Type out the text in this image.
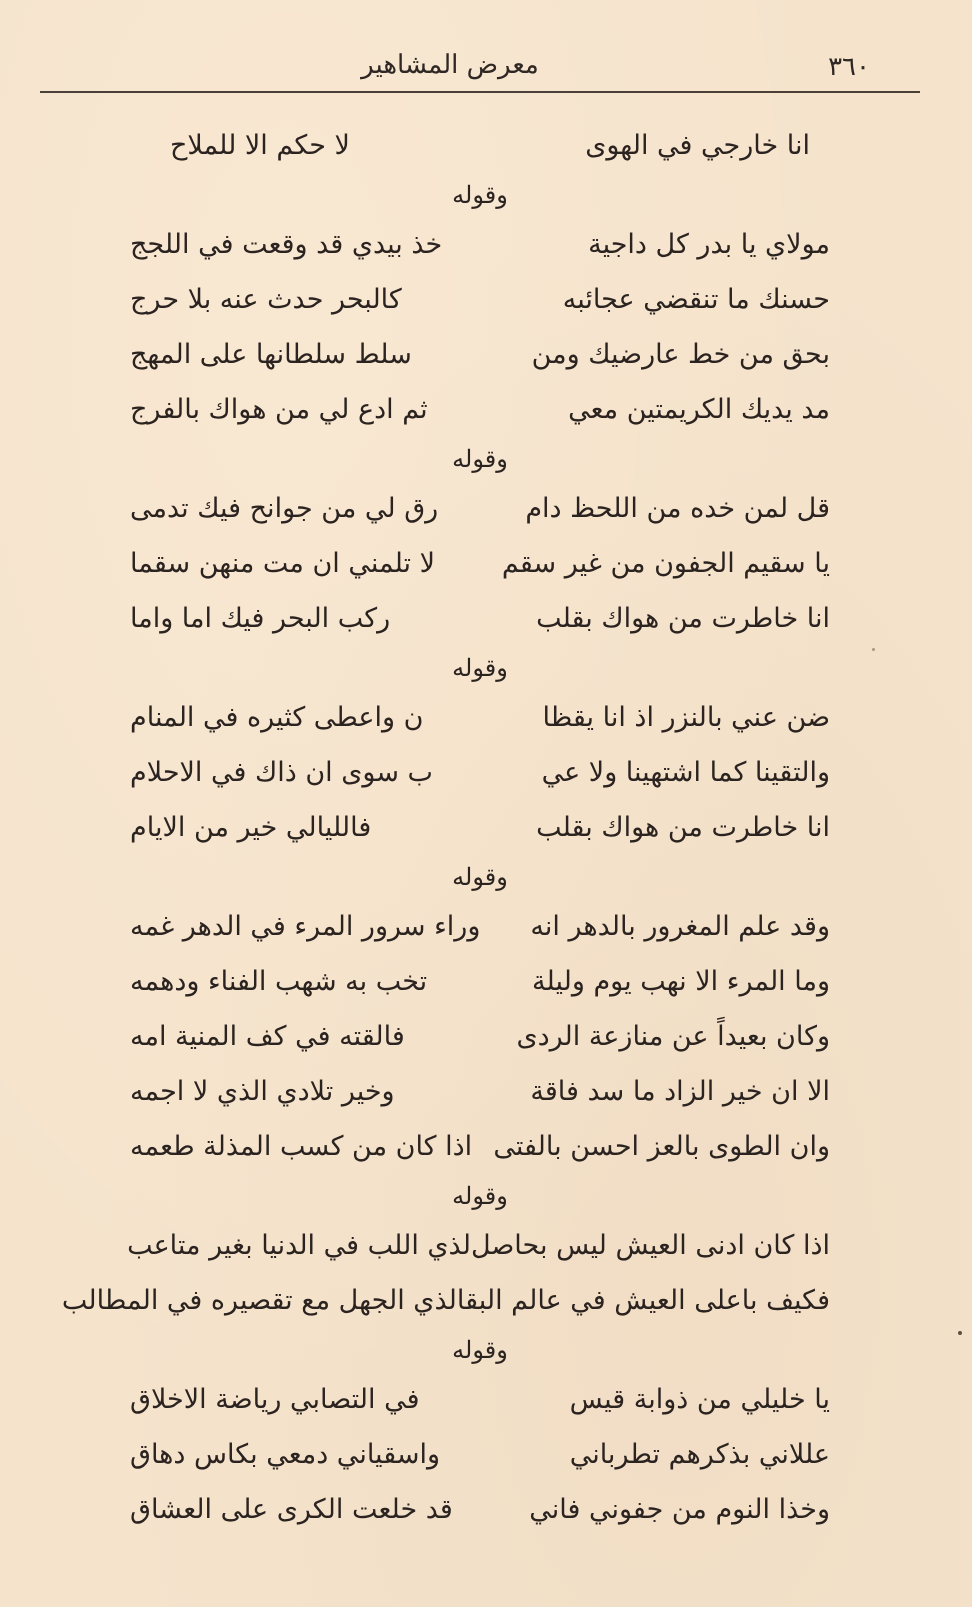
٣٦٠
معرض المشاهير
انا خارجي في الهوى
لا حكم الا للملاح
وقوله
مولاي يا بدر كل داجية
خذ بيدي قد وقعت في اللجج
حسنك ما تنقضي عجائبه
كالبحر حدث عنه بلا حرج
بحق من خط عارضيك ومن
سلط سلطانها على المهج
مد يديك الكريمتين معي
ثم ادع لي من هواك بالفرج
وقوله
قل لمن خده من اللحظ دام
رق لي من جوانح فيك تدمى
يا سقيم الجفون من غير سقم
لا تلمني ان مت منهن سقما
انا خاطرت من هواك بقلب
ركب البحر فيك اما واما
وقوله
ضن عني بالنزر اذ انا يقظا
ن واعطى كثيره في المنام
والتقينا كما اشتهينا ولا عي
ب سوى ان ذاك في الاحلام
انا خاطرت من هواك بقلب
فالليالي خير من الايام
وقوله
وقد علم المغرور بالدهر انه
وراء سرور المرء في الدهر غمه
وما المرء الا نهب يوم وليلة
تخب به شهب الفناء ودهمه
وكان بعيداً عن منازعة الردى
فالقته في كف المنية امه
الا ان خير الزاد ما سد فاقة
وخير تلادي الذي لا اجمه
وان الطوى بالعز احسن بالفتى
اذا كان من كسب المذلة طعمه
وقوله
اذا كان ادنى العيش ليس بحاصل
لذي اللب في الدنيا بغير متاعب
فكيف باعلى العيش في عالم البقا
لذي الجهل مع تقصيره في المطالب
وقوله
يا خليلي من ذوابة قيس
في التصابي رياضة الاخلاق
عللاني بذكرهم تطرباني
واسقياني دمعي بكاس دهاق
وخذا النوم من جفوني فاني
قد خلعت الكرى على العشاق
